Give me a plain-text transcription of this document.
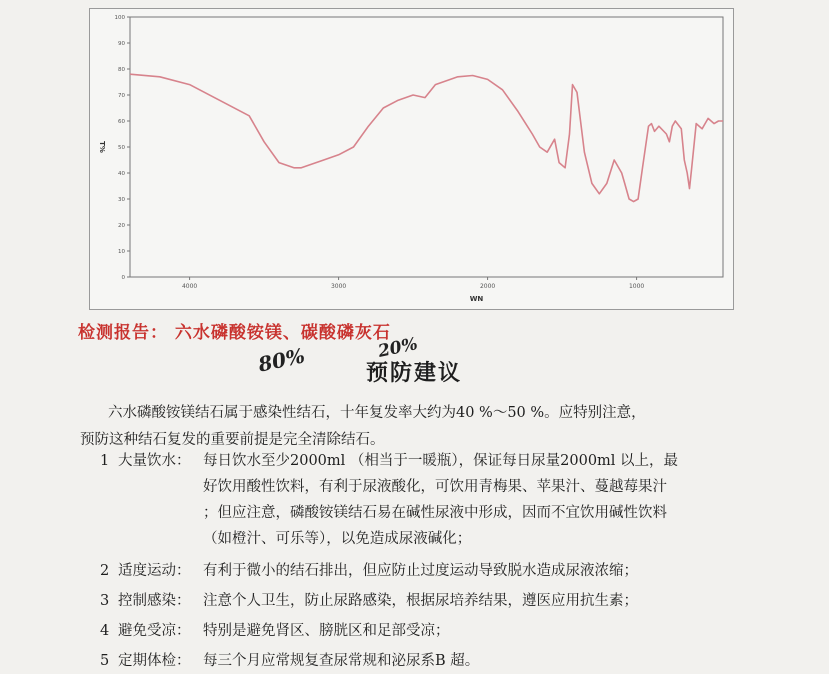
100
90
80
70
60
50
40
30
20
10
0
4000	3000	2000	1000
WN
T%
检测报告： 六水磷酸铵镁、碳酸磷灰石
80%	20%
预防建议

六水磷酸铵镁结石属于感染性结石，十年复发率大约为40 %～50 %。应特别注意，

预防这种结石复发的重要前提是完全清除结石。

1 大量饮水： 每日饮水至少2000ml （相当于一暖瓶），保证每日尿量2000ml 以上，最
好饮用酸性饮料，有利于尿液酸化，可饮用青梅果、苹果汁、蔓越莓果汁
；但应注意，磷酸铵镁结石易在碱性尿液中形成，因而不宜饮用碱性饮料
（如橙汁、可乐等），以免造成尿液碱化；
2 适度运动： 有利于微小的结石排出，但应防止过度运动导致脱水造成尿液浓缩；
3 控制感染： 注意个人卫生，防止尿路感染，根据尿培养结果，遵医应用抗生素；
4 避免受凉： 特别是避免肾区、膀胱区和足部受凉；
5 定期体检： 每三个月应常规复查尿常规和泌尿系B 超。
